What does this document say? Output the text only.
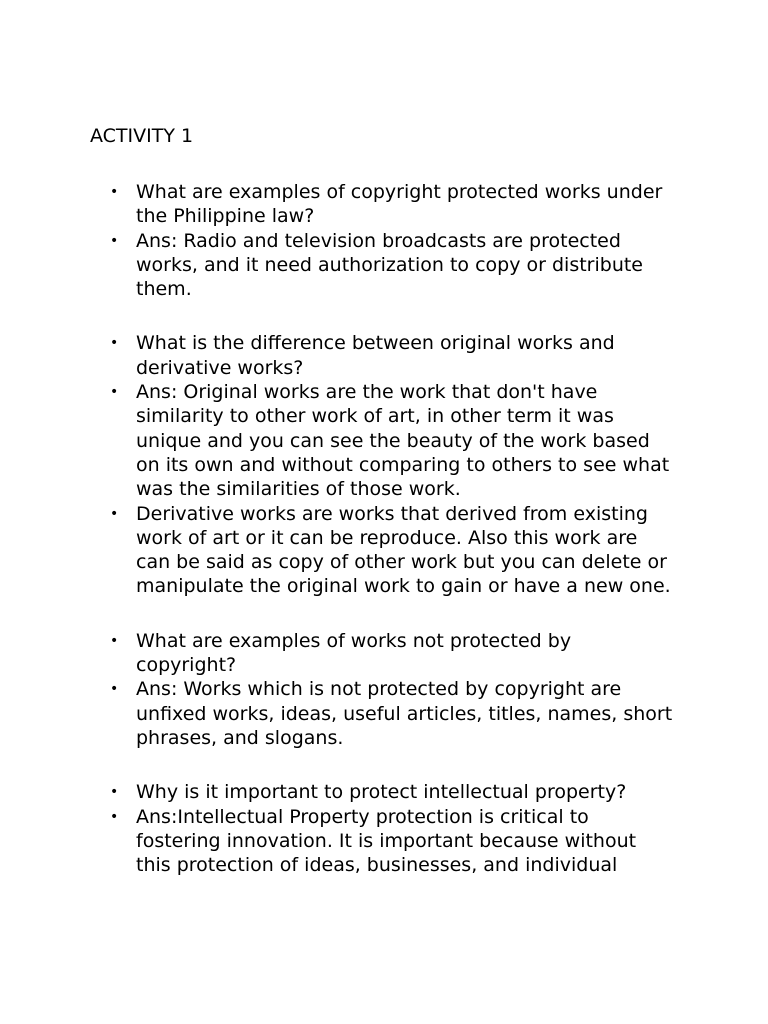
ACTIVITY 1
• What are examples of copyright protected works under the Philippine law?
• Ans: Radio and television broadcasts are protected works, and it need authorization to copy or distribute them.
• What is the difference between original works and derivative works?
• Ans: Original works are the work that don't have similarity to other work of art, in other term it was unique and you can see the beauty of the work based on its own and without comparing to others to see what was the similarities of those work.
• Derivative works are works that derived from existing work of art or it can be reproduce. Also this work are can be said as copy of other work but you can delete or manipulate the original work to gain or have a new one.
• What are examples of works not protected by copyright?
• Ans: Works which is not protected by copyright are unfixed works, ideas, useful articles, titles, names, short phrases, and slogans.
• Why is it important to protect intellectual property?
• Ans:Intellectual Property protection is critical to fostering innovation. It is important because without this protection of ideas, businesses, and individual
